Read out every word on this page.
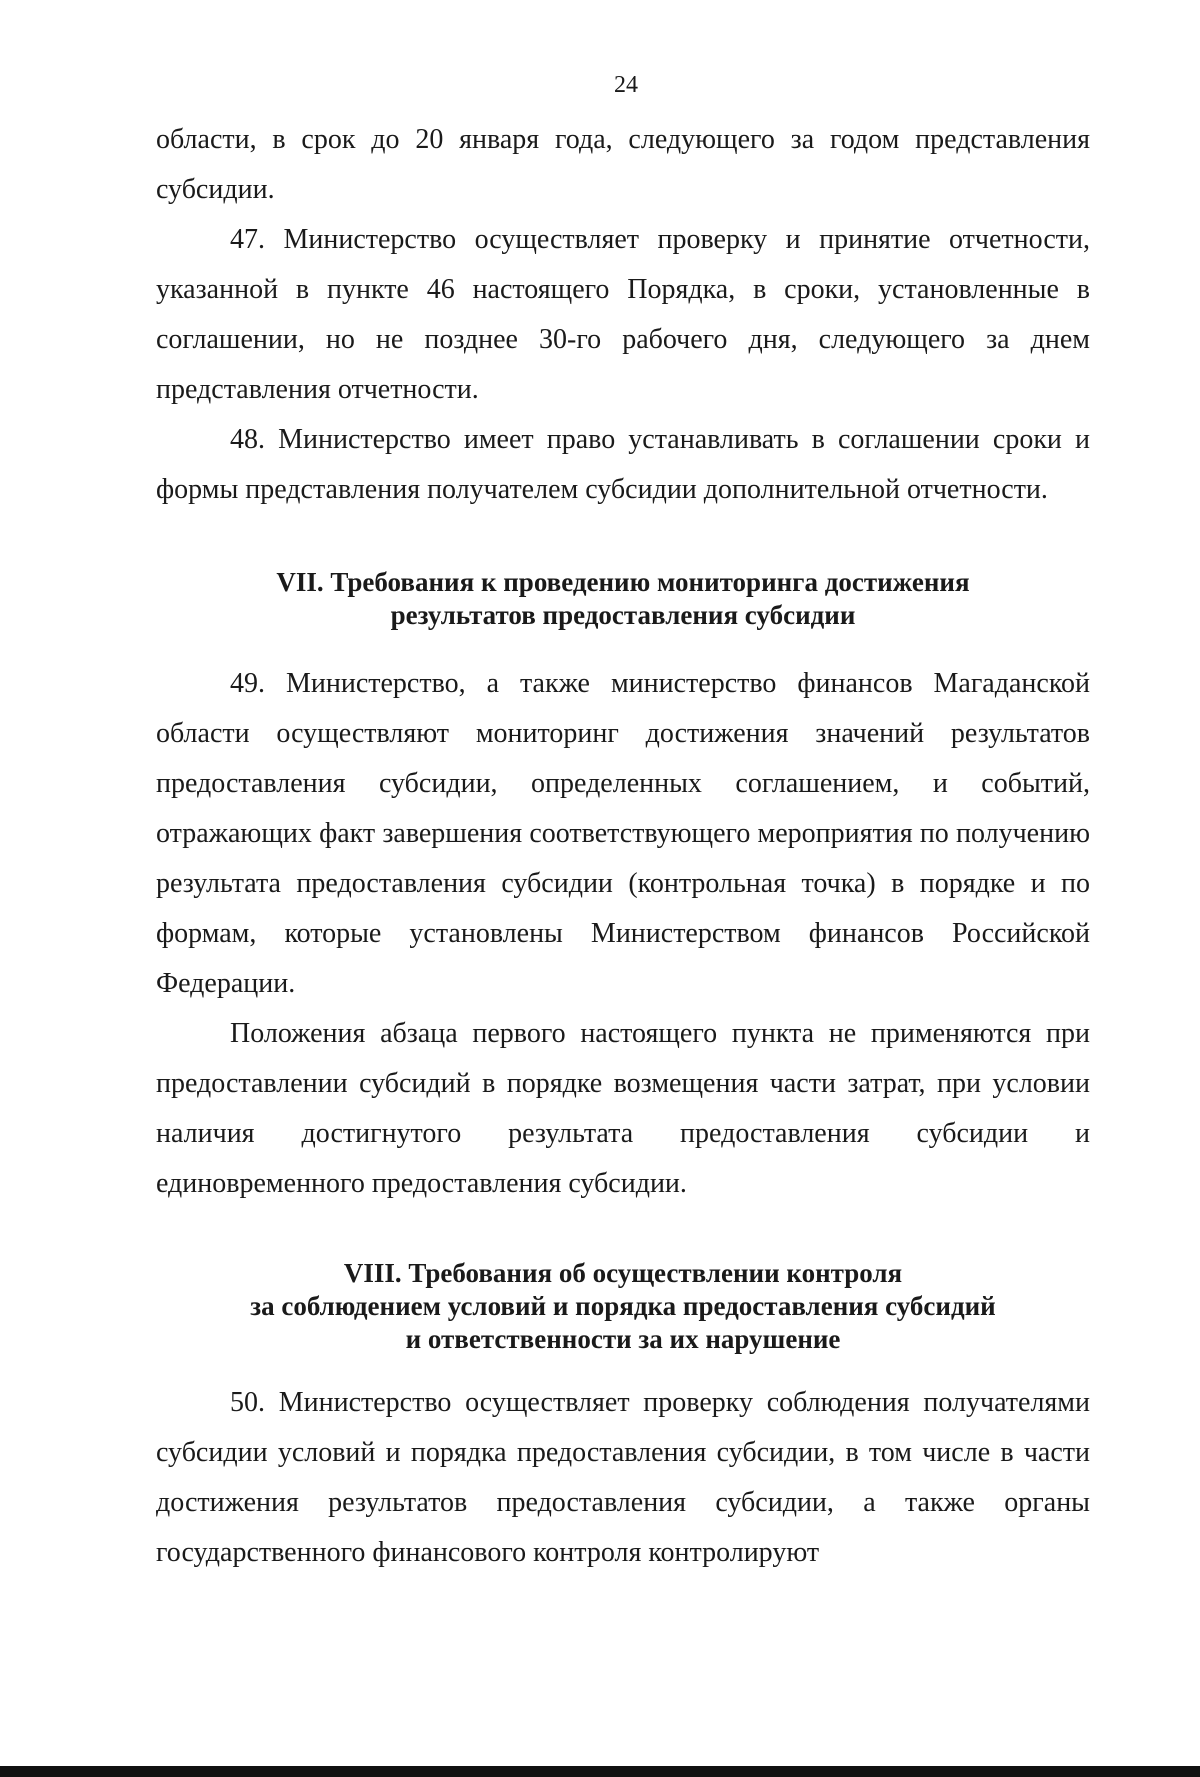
24

области, в срок до 20 января года, следующего за годом представления субсидии.

47. Министерство осуществляет проверку и принятие отчетности, указанной в пункте 46 настоящего Порядка, в сроки, установленные в соглашении, но не позднее 30-го рабочего дня, следующего за днем представления отчетности.

48. Министерство имеет право устанавливать в соглашении сроки и формы представления получателем субсидии дополнительной отчетности.

VII. Требования к проведению мониторинга достижения
результатов предоставления субсидии

49. Министерство, а также министерство финансов Магаданской области осуществляют мониторинг достижения значений результатов предоставления субсидии, определенных соглашением, и событий, отражающих факт завершения соответствующего мероприятия по получению результата предоставления субсидии (контрольная точка) в порядке и по формам, которые установлены Министерством финансов Российской Федерации.

Положения абзаца первого настоящего пункта не применяются при предоставлении субсидий в порядке возмещения части затрат, при условии наличия достигнутого результата предоставления субсидии и единовременного предоставления субсидии.

VIII. Требования об осуществлении контроля
за соблюдением условий и порядка предоставления субсидий
и ответственности за их нарушение

50. Министерство осуществляет проверку соблюдения получателями субсидии условий и порядка предоставления субсидии, в том числе в части достижения результатов предоставления субсидии, а также органы государственного финансового контроля контролируют
